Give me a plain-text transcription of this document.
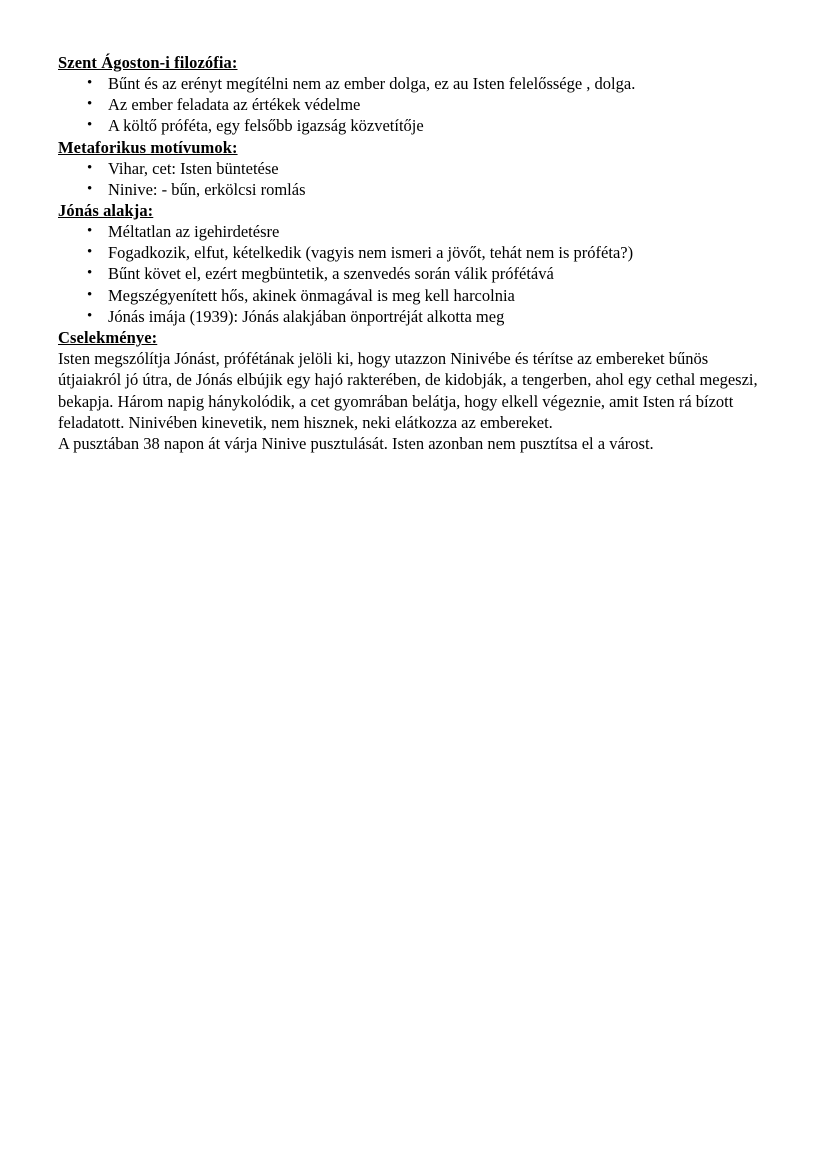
Szent Ágoston-i filozófia:
• Bűnt és az erényt megítélni nem az ember dolga, ez au Isten felelőssége , dolga.
• Az ember feladata az értékek védelme
• A költő próféta, egy felsőbb igazság közvetítője
Metaforikus motívumok:
• Vihar, cet: Isten büntetése
• Ninive: - bűn, erkölcsi romlás
Jónás alakja:
• Méltatlan az igehirdetésre
• Fogadkozik, elfut, kételkedik (vagyis nem ismeri a jövőt, tehát nem is próféta?)
• Bűnt követ el, ezért megbüntetik, a szenvedés során válik prófétává
• Megszégyenített hős, akinek önmagával is meg kell harcolnia
• Jónás imája (1939): Jónás alakjában önportréját alkotta meg
Cselekménye:

Isten megszólítja Jónást, prófétának jelöli ki, hogy utazzon Ninivébe és térítse az embereket bűnös
útjaiakról jó útra, de Jónás elbújik egy hajó rakterében, de kidobják, a tengerben, ahol egy cethal megeszi,
bekapja. Három napig hánykolódik, a cet gyomrában belátja, hogy elkell végeznie, amit Isten rá bízott
feladatott. Ninivében kinevetik, nem hisznek, neki elátkozza az embereket.
A pusztában 38 napon át várja Ninive pusztulását. Isten azonban nem pusztítsa el a várost.
